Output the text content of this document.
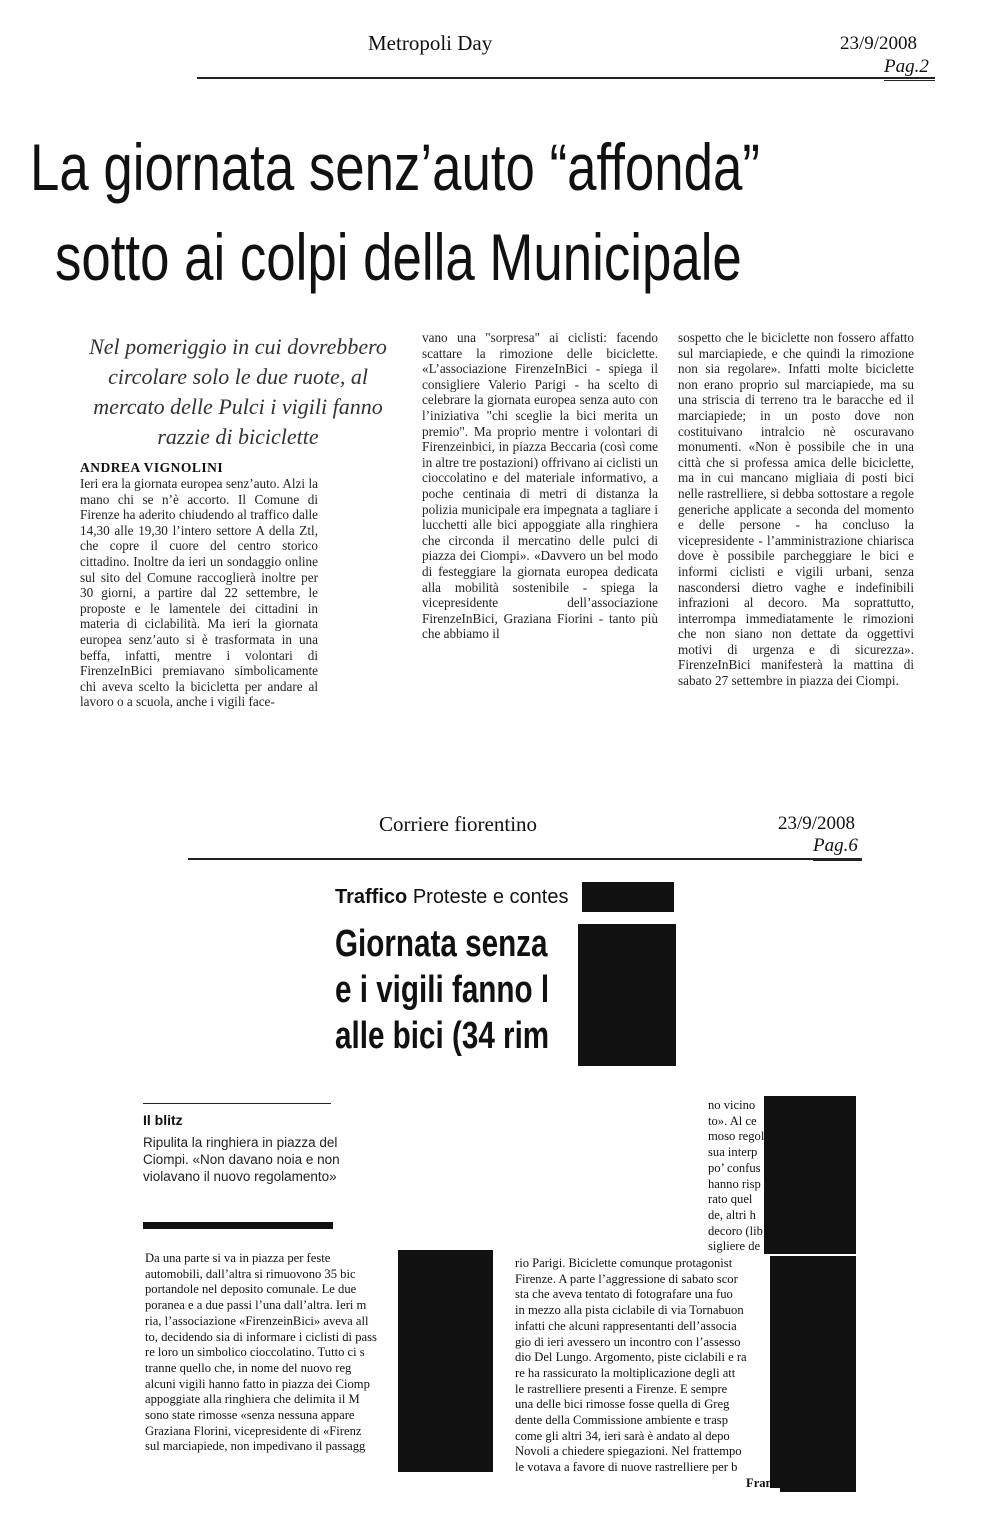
Metropoli Day	23/9/2008
Pag.2
La giornata senz’auto “affonda”
sotto ai colpi della Municipale
Nel pomeriggio in cui dovrebbero circolare solo le due ruote, al mercato delle Pulci i vigili fanno razzie di biciclette
ANDREA VIGNOLINI

Ieri era la giornata europea senz’auto. Alzi la mano chi se n’è accorto. Il Comune di Firenze ha aderito chiudendo al traffico dalle 14,30 alle 19,30 l’intero settore A della Ztl, che copre il cuore del centro storico cittadino. Inoltre da ieri un sondaggio online sul sito del Comune raccoglierà inoltre per 30 giorni, a partire dal 22 settembre, le proposte e le lamentele dei cittadini in materia di ciclabilità. Ma ieri la giornata europea senz’auto si è trasformata in una beffa, infatti, mentre i volontari di FirenzeInBici premiavano simbolicamente chi aveva scelto la bicicletta per andare al lavoro o a scuola, anche i vigili face-

vano una "sorpresa" ai ciclisti: facendo scattare la rimozione delle biciclette. «L’associazione FirenzeInBici - spiega il consigliere Valerio Parigi - ha scelto di celebrare la giornata europea senza auto con l’iniziativa "chi sceglie la bici merita un premio". Ma proprio mentre i volontari di Firenzeinbici, in piazza Beccaria (così come in altre tre postazioni) offrivano ai ciclisti un cioccolatino e del materiale informativo, a poche centinaia di metri di distanza la polizia municipale era impegnata a tagliare i lucchetti alle bici appoggiate alla ringhiera che circonda il mercatino delle pulci di piazza dei Ciompi». «Davvero un bel modo di festeggiare la giornata europea dedicata alla mobilità sostenibile - spiega la vicepresidente dell’associazione FirenzeInBici, Graziana Fiorini - tanto più che abbiamo il

sospetto che le biciclette non fossero affatto sul marciapiede, e che quindi la rimozione non sia regolare». Infatti molte biciclette non erano proprio sul marciapiede, ma su una striscia di terreno tra le baracche ed il marciapiede; in un posto dove non costituivano intralcio nè oscuravano monumenti. «Non è possibile che in una città che si professa amica delle biciclette, ma in cui mancano migliaia di posti bici nelle rastrelliere, si debba sottostare a regole generiche applicate a seconda del momento e delle persone - ha concluso la vicepresidente - l’amministrazione chiarisca dove è possibile parcheggiare le bici e informi ciclisti e vigili urbani, senza nascondersi dietro vaghe e indefinibili infrazioni al decoro. Ma soprattutto, interrompa immediatamente le rimozioni che non siano non dettate da oggettivi motivi di urgenza e di sicurezza». FirenzeInBici manifesterà la mattina di sabato 27 settembre in piazza dei Ciompi.

Corriere fiorentino	23/9/2008
Pag.6
Traffico Proteste e contes
Giornata senza
e i vigili fanno l
alle bici (34 rim
Il blitz
Ripulita la ringhiera in piazza del Ciompi. «Non davano noia e non violavano il nuovo regolamento»
Da una parte si va in piazza per feste
automobili, dall’altra si rimuovono 35 bic
portandole nel deposito comunale. Le due
poranea e a due passi l’una dall’altra. Ieri m
ria, l’associazione «FirenzeinBici» aveva all
to, decidendo sia di informare i ciclisti di pass
re loro un simbolico cioccolatino. Tutto ci s
tranne quello che, in nome del nuovo reg
alcuni vigili hanno fatto in piazza dei Ciomp
appoggiate alla ringhiera che delimita il M
sono state rimosse «senza nessuna appare
Graziana Florini, vicepresidente di «Firenz
sul marciapiede, non impedivano il passagg
no vicino
to». Al ce
moso regol
sua interp
po’ confus
hanno risp
rato quel
de, altri h
decoro (lib
sigliere de
rio Parigi. Biciclette comunque protagonist
Firenze. A parte l’aggressione di sabato scor
sta che aveva tentato di fotografare una fuo
in mezzo alla pista ciclabile di via Tornabuon
infatti che alcuni rappresentanti dell’associa
gio di ieri avessero un incontro con l’assesso
dio Del Lungo. Argomento, piste ciclabili e ra
re ha rassicurato la moltiplicazione degli att
le rastrelliere presenti a Firenze. E sempre
una delle bici rimosse fosse quella di Greg
dente della Commissione ambiente e trasp
come gli altri 34, ieri sarà è andato al depo
Novoli a chiedere spiegazioni. Nel frattempo
le votava a favore di nuove rastrelliere per b
Fran
